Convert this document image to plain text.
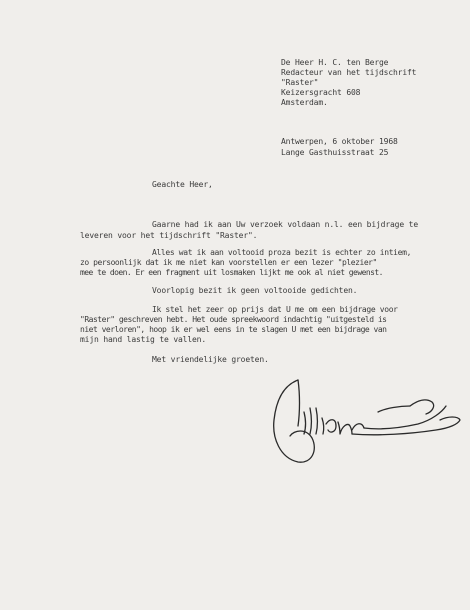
De Heer H. C. ten Berge
Redacteur van het tijdschrift
"Raster"
Keizersgracht 608
Amsterdam.
Antwerpen, 6 oktober 1968
Lange Gasthuisstraat 25
Geachte Heer,
Gaarne had ik aan Uw verzoek voldaan n.l. een bijdrage te
leveren voor het tijdschrift "Raster".
Alles wat ik aan voltooid proza bezit is echter zo intiem,
zo persoonlijk dat ik me niet kan voorstellen er een lezer "plezier"
mee te doen. Er een fragment uit losmaken lijkt me ook al niet gewenst.
Voorlopig bezit ik geen voltooide gedichten.
Ik stel het zeer op prijs dat U me om een bijdrage voor
"Raster" geschreven hebt. Het oude spreekwoord indachtig "uitgesteld is
niet verloren", hoop ik er wel eens in te slagen U met een bijdrage van
mijn hand lastig te vallen.
Met vriendelijke groeten.
